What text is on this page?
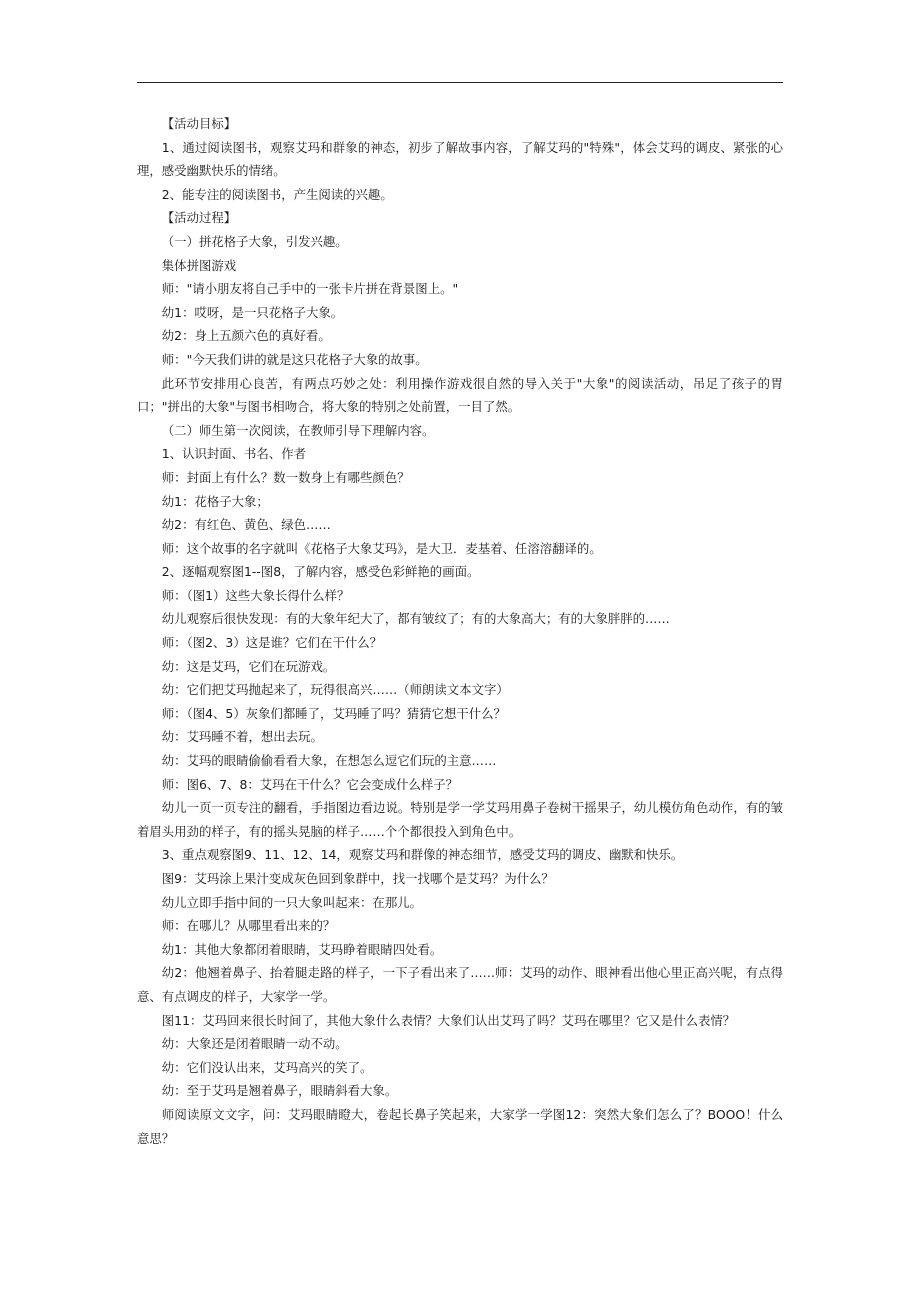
【活动目标】

1、通过阅读图书，观察艾玛和群象的神态，初步了解故事内容，了解艾玛的"特殊"，体会艾玛的调皮、紧张的心理，感受幽默快乐的情绪。

2、能专注的阅读图书，产生阅读的兴趣。

【活动过程】

（一）拼花格子大象，引发兴趣。

集体拼图游戏

师："请小朋友将自己手中的一张卡片拼在背景图上。"

幼1：哎呀，是一只花格子大象。

幼2：身上五颜六色的真好看。

师："今天我们讲的就是这只花格子大象的故事。

此环节安排用心良苦，有两点巧妙之处：利用操作游戏很自然的导入关于"大象"的阅读活动，吊足了孩子的胃口；"拼出的大象"与图书相吻合，将大象的特别之处前置，一目了然。

（二）师生第一次阅读，在教师引导下理解内容。

1、认识封面、书名、作者

师：封面上有什么？数一数身上有哪些颜色？

幼1：花格子大象；

幼2：有红色、黄色、绿色……

师：这个故事的名字就叫《花格子大象艾玛》，是大卫．麦基着、任溶溶翻译的。

2、逐幅观察图1--图8，了解内容，感受色彩鲜艳的画面。

师：（图1）这些大象长得什么样？

幼儿观察后很快发现：有的大象年纪大了，都有皱纹了；有的大象高大；有的大象胖胖的……

师：（图2、3）这是谁？它们在干什么？

幼：这是艾玛，它们在玩游戏。

幼：它们把艾玛抛起来了，玩得很高兴……（师朗读文本文字）

师：（图4、5）灰象们都睡了，艾玛睡了吗？猜猜它想干什么？

幼：艾玛睡不着，想出去玩。

幼：艾玛的眼睛偷偷看看大象，在想怎么逗它们玩的主意……

师：图6、7、8：艾玛在干什么？它会变成什么样子？

幼儿一页一页专注的翻看，手指图边看边说。特别是学一学艾玛用鼻子卷树干摇果子，幼儿模仿角色动作，有的皱着眉头用劲的样子，有的摇头晃脑的样子……个个都很投入到角色中。

3、重点观察图9、11、12、14，观察艾玛和群像的神态细节，感受艾玛的调皮、幽默和快乐。

图9：艾玛涂上果汁变成灰色回到象群中，找一找哪个是艾玛？为什么？

幼儿立即手指中间的一只大象叫起来：在那儿。

师：在哪儿？从哪里看出来的？

幼1：其他大象都闭着眼睛，艾玛睁着眼睛四处看。

幼2：他翘着鼻子、抬着腿走路的样子，一下子看出来了……师：艾玛的动作、眼神看出他心里正高兴呢，有点得意、有点调皮的样子，大家学一学。

图11：艾玛回来很长时间了，其他大象什么表情？大象们认出艾玛了吗？艾玛在哪里？它又是什么表情？

幼：大象还是闭着眼睛一动不动。

幼：它们没认出来，艾玛高兴的笑了。

幼：至于艾玛是翘着鼻子，眼睛斜看大象。

师阅读原文文字，问：艾玛眼睛瞪大，卷起长鼻子笑起来，大家学一学图12：突然大象们怎么了？BOOO！什么意思？
